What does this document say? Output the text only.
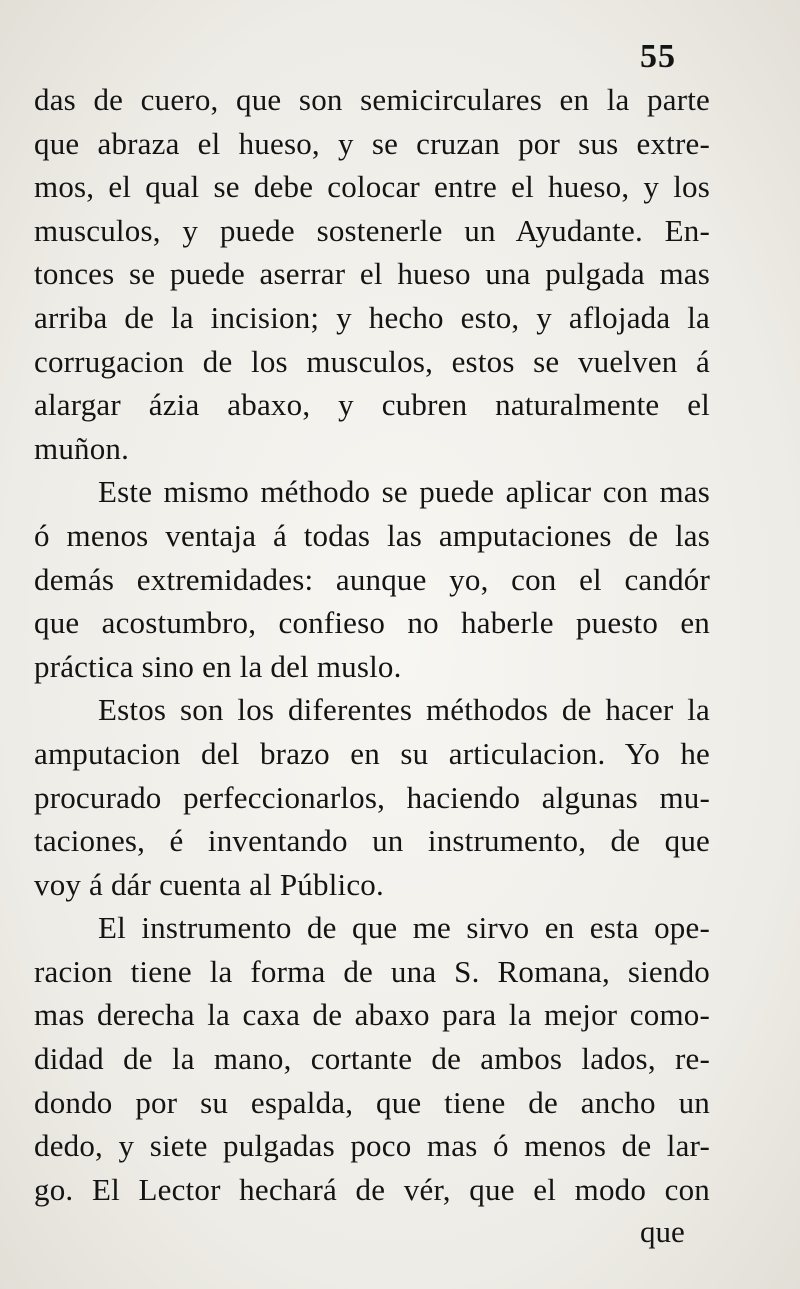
55
das de cuero, que son semicirculares en la parte
que abraza el hueso, y se cruzan por sus extre-
mos, el qual se debe colocar entre el hueso, y los
musculos, y puede sostenerle un Ayudante. En-
tonces se puede aserrar el hueso una pulgada mas
arriba de la incision; y hecho esto, y aflojada la
corrugacion de los musculos, estos se vuelven á
alargar ázia abaxo, y cubren naturalmente el
muñon.
Este mismo méthodo se puede aplicar con mas
ó menos ventaja á todas las amputaciones de las
demás extremidades: aunque yo, con el candór
que acostumbro, confieso no haberle puesto en
práctica sino en la del muslo.
Estos son los diferentes méthodos de hacer la
amputacion del brazo en su articulacion. Yo he
procurado perfeccionarlos, haciendo algunas mu-
taciones, é inventando un instrumento, de que
voy á dár cuenta al Público.
El instrumento de que me sirvo en esta ope-
racion tiene la forma de una S. Romana, siendo
mas derecha la caxa de abaxo para la mejor como-
didad de la mano, cortante de ambos lados, re-
dondo por su espalda, que tiene de ancho un
dedo, y siete pulgadas poco mas ó menos de lar-
go. El Lector hechará de vér, que el modo con
que
